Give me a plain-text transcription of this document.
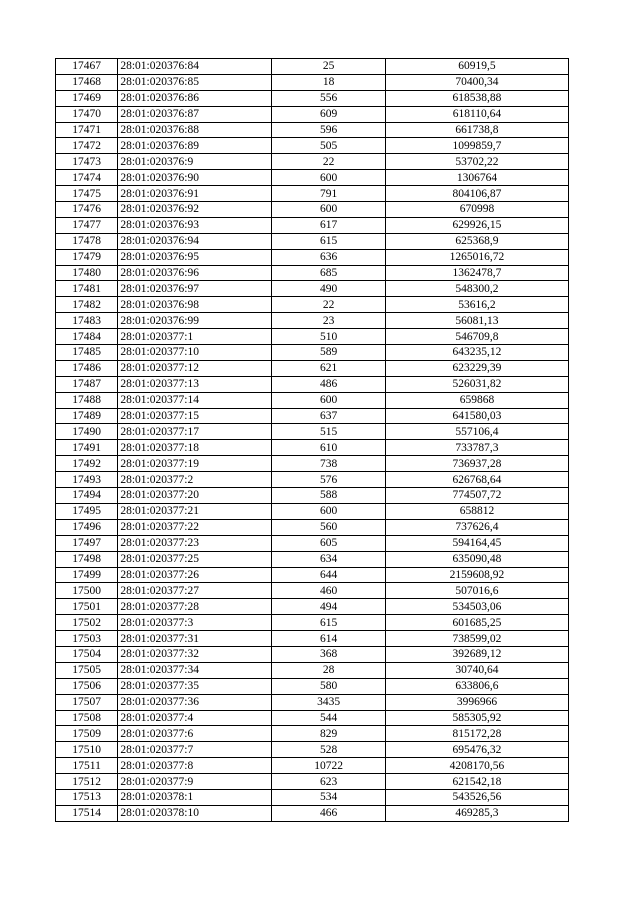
17467	28:01:020376:84	25	60919,5
17468	28:01:020376:85	18	70400,34
17469	28:01:020376:86	556	618538,88
17470	28:01:020376:87	609	618110,64
17471	28:01:020376:88	596	661738,8
17472	28:01:020376:89	505	1099859,7
17473	28:01:020376:9	22	53702,22
17474	28:01:020376:90	600	1306764
17475	28:01:020376:91	791	804106,87
17476	28:01:020376:92	600	670998
17477	28:01:020376:93	617	629926,15
17478	28:01:020376:94	615	625368,9
17479	28:01:020376:95	636	1265016,72
17480	28:01:020376:96	685	1362478,7
17481	28:01:020376:97	490	548300,2
17482	28:01:020376:98	22	53616,2
17483	28:01:020376:99	23	56081,13
17484	28:01:020377:1	510	546709,8
17485	28:01:020377:10	589	643235,12
17486	28:01:020377:12	621	623229,39
17487	28:01:020377:13	486	526031,82
17488	28:01:020377:14	600	659868
17489	28:01:020377:15	637	641580,03
17490	28:01:020377:17	515	557106,4
17491	28:01:020377:18	610	733787,3
17492	28:01:020377:19	738	736937,28
17493	28:01:020377:2	576	626768,64
17494	28:01:020377:20	588	774507,72
17495	28:01:020377:21	600	658812
17496	28:01:020377:22	560	737626,4
17497	28:01:020377:23	605	594164,45
17498	28:01:020377:25	634	635090,48
17499	28:01:020377:26	644	2159608,92
17500	28:01:020377:27	460	507016,6
17501	28:01:020377:28	494	534503,06
17502	28:01:020377:3	615	601685,25
17503	28:01:020377:31	614	738599,02
17504	28:01:020377:32	368	392689,12
17505	28:01:020377:34	28	30740,64
17506	28:01:020377:35	580	633806,6
17507	28:01:020377:36	3435	3996966
17508	28:01:020377:4	544	585305,92
17509	28:01:020377:6	829	815172,28
17510	28:01:020377:7	528	695476,32
17511	28:01:020377:8	10722	4208170,56
17512	28:01:020377:9	623	621542,18
17513	28:01:020378:1	534	543526,56
17514	28:01:020378:10	466	469285,3
